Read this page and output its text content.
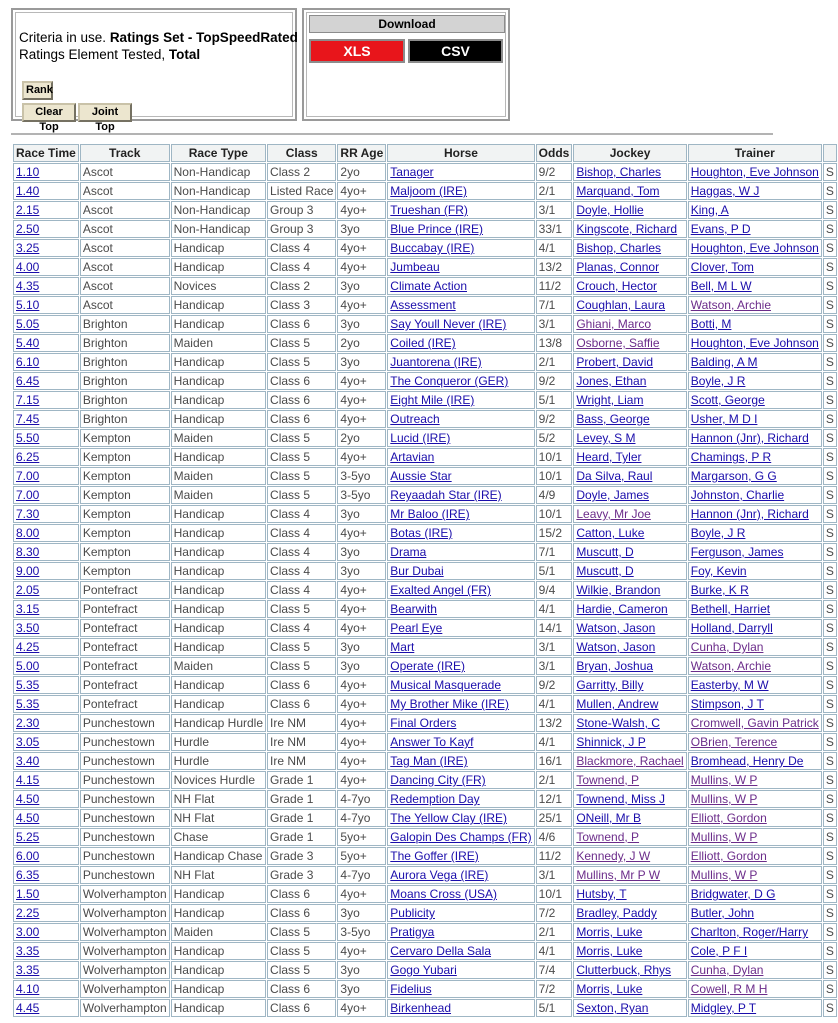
Criteria in use. Ratings Set - TopSpeedRated
Ratings Element Tested, Total
Rank
Clear Top
Joint Top
Download
XLS	CSV
Race Time	Track	Race Type	Class	RR Age	Horse	Odds	Jockey	Trainer	
1.10	Ascot	Non-Handicap	Class 2	2yo	Tanager	9/2	Bishop, Charles	Houghton, Eve Johnson	S
1.40	Ascot	Non-Handicap	Listed Race	4yo+	Maljoom (IRE)	2/1	Marquand, Tom	Haggas, W J	S
2.15	Ascot	Non-Handicap	Group 3	4yo+	Trueshan (FR)	3/1	Doyle, Hollie	King, A	S
2.50	Ascot	Non-Handicap	Group 3	3yo	Blue Prince (IRE)	33/1	Kingscote, Richard	Evans, P D	S
3.25	Ascot	Handicap	Class 4	4yo+	Buccabay (IRE)	4/1	Bishop, Charles	Houghton, Eve Johnson	S
4.00	Ascot	Handicap	Class 4	4yo+	Jumbeau	13/2	Planas, Connor	Clover, Tom	S
4.35	Ascot	Novices	Class 2	3yo	Climate Action	11/2	Crouch, Hector	Bell, M L W	S
5.10	Ascot	Handicap	Class 3	4yo+	Assessment	7/1	Coughlan, Laura	Watson, Archie	S
5.05	Brighton	Handicap	Class 6	3yo	Say Youll Never (IRE)	3/1	Ghiani, Marco	Botti, M	S
5.40	Brighton	Maiden	Class 5	2yo	Coiled (IRE)	13/8	Osborne, Saffie	Houghton, Eve Johnson	S
6.10	Brighton	Handicap	Class 5	3yo	Juantorena (IRE)	2/1	Probert, David	Balding, A M	S
6.45	Brighton	Handicap	Class 6	4yo+	The Conqueror (GER)	9/2	Jones, Ethan	Boyle, J R	S
7.15	Brighton	Handicap	Class 6	4yo+	Eight Mile (IRE)	5/1	Wright, Liam	Scott, George	S
7.45	Brighton	Handicap	Class 6	4yo+	Outreach	9/2	Bass, George	Usher, M D I	S
5.50	Kempton	Maiden	Class 5	2yo	Lucid (IRE)	5/2	Levey, S M	Hannon (Jnr), Richard	S
6.25	Kempton	Handicap	Class 5	4yo+	Artavian	10/1	Heard, Tyler	Chamings, P R	S
7.00	Kempton	Maiden	Class 5	3-5yo	Aussie Star	10/1	Da Silva, Raul	Margarson, G G	S
7.00	Kempton	Maiden	Class 5	3-5yo	Reyaadah Star (IRE)	4/9	Doyle, James	Johnston, Charlie	S
7.30	Kempton	Handicap	Class 4	3yo	Mr Baloo (IRE)	10/1	Leavy, Mr Joe	Hannon (Jnr), Richard	S
8.00	Kempton	Handicap	Class 4	4yo+	Botas (IRE)	15/2	Catton, Luke	Boyle, J R	S
8.30	Kempton	Handicap	Class 4	3yo	Drama	7/1	Muscutt, D	Ferguson, James	S
9.00	Kempton	Handicap	Class 4	3yo	Bur Dubai	5/1	Muscutt, D	Foy, Kevin	S
2.05	Pontefract	Handicap	Class 4	4yo+	Exalted Angel (FR)	9/4	Wilkie, Brandon	Burke, K R	S
3.15	Pontefract	Handicap	Class 5	4yo+	Bearwith	4/1	Hardie, Cameron	Bethell, Harriet	S
3.50	Pontefract	Handicap	Class 4	4yo+	Pearl Eye	14/1	Watson, Jason	Holland, Darryll	S
4.25	Pontefract	Handicap	Class 5	3yo	Mart	3/1	Watson, Jason	Cunha, Dylan	S
5.00	Pontefract	Maiden	Class 5	3yo	Operate (IRE)	3/1	Bryan, Joshua	Watson, Archie	S
5.35	Pontefract	Handicap	Class 6	4yo+	Musical Masquerade	9/2	Garritty, Billy	Easterby, M W	S
5.35	Pontefract	Handicap	Class 6	4yo+	My Brother Mike (IRE)	4/1	Mullen, Andrew	Stimpson, J T	S
2.30	Punchestown	Handicap Hurdle	Ire NM	4yo+	Final Orders	13/2	Stone-Walsh, C	Cromwell, Gavin Patrick	S
3.05	Punchestown	Hurdle	Ire NM	4yo+	Answer To Kayf	4/1	Shinnick, J P	OBrien, Terence	S
3.40	Punchestown	Hurdle	Ire NM	4yo+	Tag Man (IRE)	16/1	Blackmore, Rachael	Bromhead, Henry De	S
4.15	Punchestown	Novices Hurdle	Grade 1	4yo+	Dancing City (FR)	2/1	Townend, P	Mullins, W P	S
4.50	Punchestown	NH Flat	Grade 1	4-7yo	Redemption Day	12/1	Townend, Miss J	Mullins, W P	S
4.50	Punchestown	NH Flat	Grade 1	4-7yo	The Yellow Clay (IRE)	25/1	ONeill, Mr B	Elliott, Gordon	S
5.25	Punchestown	Chase	Grade 1	5yo+	Galopin Des Champs (FR)	4/6	Townend, P	Mullins, W P	S
6.00	Punchestown	Handicap Chase	Grade 3	5yo+	The Goffer (IRE)	11/2	Kennedy, J W	Elliott, Gordon	S
6.35	Punchestown	NH Flat	Grade 3	4-7yo	Aurora Vega (IRE)	3/1	Mullins, Mr P W	Mullins, W P	S
1.50	Wolverhampton	Handicap	Class 6	4yo+	Moans Cross (USA)	10/1	Hutsby, T	Bridgwater, D G	S
2.25	Wolverhampton	Handicap	Class 6	3yo	Publicity	7/2	Bradley, Paddy	Butler, John	S
3.00	Wolverhampton	Maiden	Class 5	3-5yo	Pratigya	2/1	Morris, Luke	Charlton, Roger/Harry	S
3.35	Wolverhampton	Handicap	Class 5	4yo+	Cervaro Della Sala	4/1	Morris, Luke	Cole, P F I	S
3.35	Wolverhampton	Handicap	Class 5	3yo	Gogo Yubari	7/4	Clutterbuck, Rhys	Cunha, Dylan	S
4.10	Wolverhampton	Handicap	Class 6	3yo	Fidelius	7/2	Morris, Luke	Cowell, R M H	S
4.45	Wolverhampton	Handicap	Class 6	4yo+	Birkenhead	5/1	Sexton, Ryan	Midgley, P T	S
